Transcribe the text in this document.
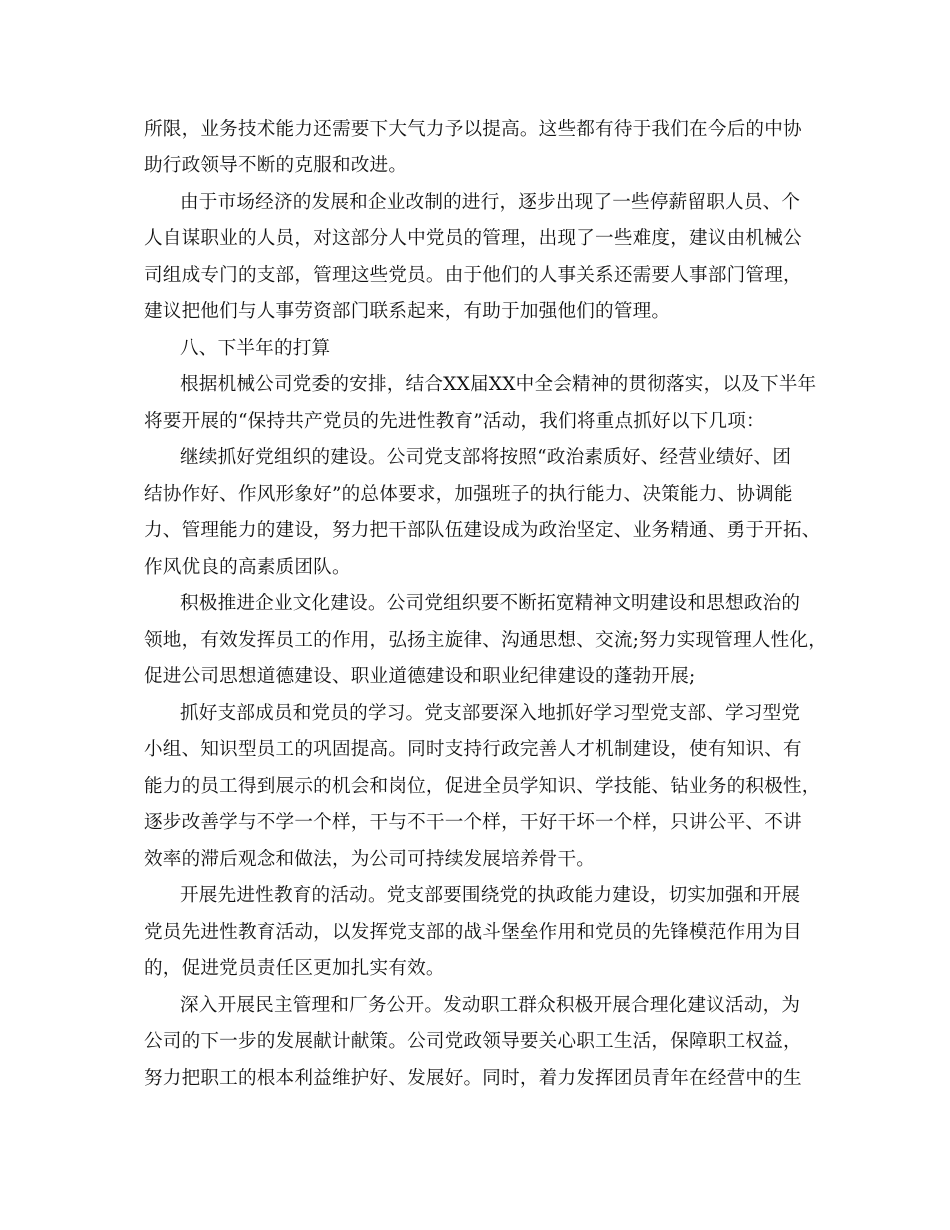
所限，业务技术能力还需要下大气力予以提高。这些都有待于我们在今后的中协
助行政领导不断的克服和改进。
由于市场经济的发展和企业改制的进行，逐步出现了一些停薪留职人员、个
人自谋职业的人员，对这部分人中党员的管理，出现了一些难度，建议由机械公
司组成专门的支部，管理这些党员。由于他们的人事关系还需要人事部门管理，
建议把他们与人事劳资部门联系起来，有助于加强他们的管理。
八、下半年的打算
根据机械公司党委的安排，结合XX届XX中全会精神的贯彻落实，以及下半年
将要开展的“保持共产党员的先进性教育”活动，我们将重点抓好以下几项：
继续抓好党组织的建设。公司党支部将按照“政治素质好、经营业绩好、团
结协作好、作风形象好”的总体要求，加强班子的执行能力、决策能力、协调能
力、管理能力的建设，努力把干部队伍建设成为政治坚定、业务精通、勇于开拓、
作风优良的高素质团队。
积极推进企业文化建设。公司党组织要不断拓宽精神文明建设和思想政治的
领地，有效发挥员工的作用，弘扬主旋律、沟通思想、交流;努力实现管理人性化，
促进公司思想道德建设、职业道德建设和职业纪律建设的蓬勃开展;
抓好支部成员和党员的学习。党支部要深入地抓好学习型党支部、学习型党
小组、知识型员工的巩固提高。同时支持行政完善人才机制建设，使有知识、有
能力的员工得到展示的机会和岗位，促进全员学知识、学技能、钻业务的积极性，
逐步改善学与不学一个样，干与不干一个样，干好干坏一个样，只讲公平、不讲
效率的滞后观念和做法，为公司可持续发展培养骨干。
开展先进性教育的活动。党支部要围绕党的执政能力建设，切实加强和开展
党员先进性教育活动，以发挥党支部的战斗堡垒作用和党员的先锋模范作用为目
的，促进党员责任区更加扎实有效。
深入开展民主管理和厂务公开。发动职工群众积极开展合理化建议活动，为
公司的下一步的发展献计献策。公司党政领导要关心职工生活，保障职工权益，
努力把职工的根本利益维护好、发展好。同时，着力发挥团员青年在经营中的生
